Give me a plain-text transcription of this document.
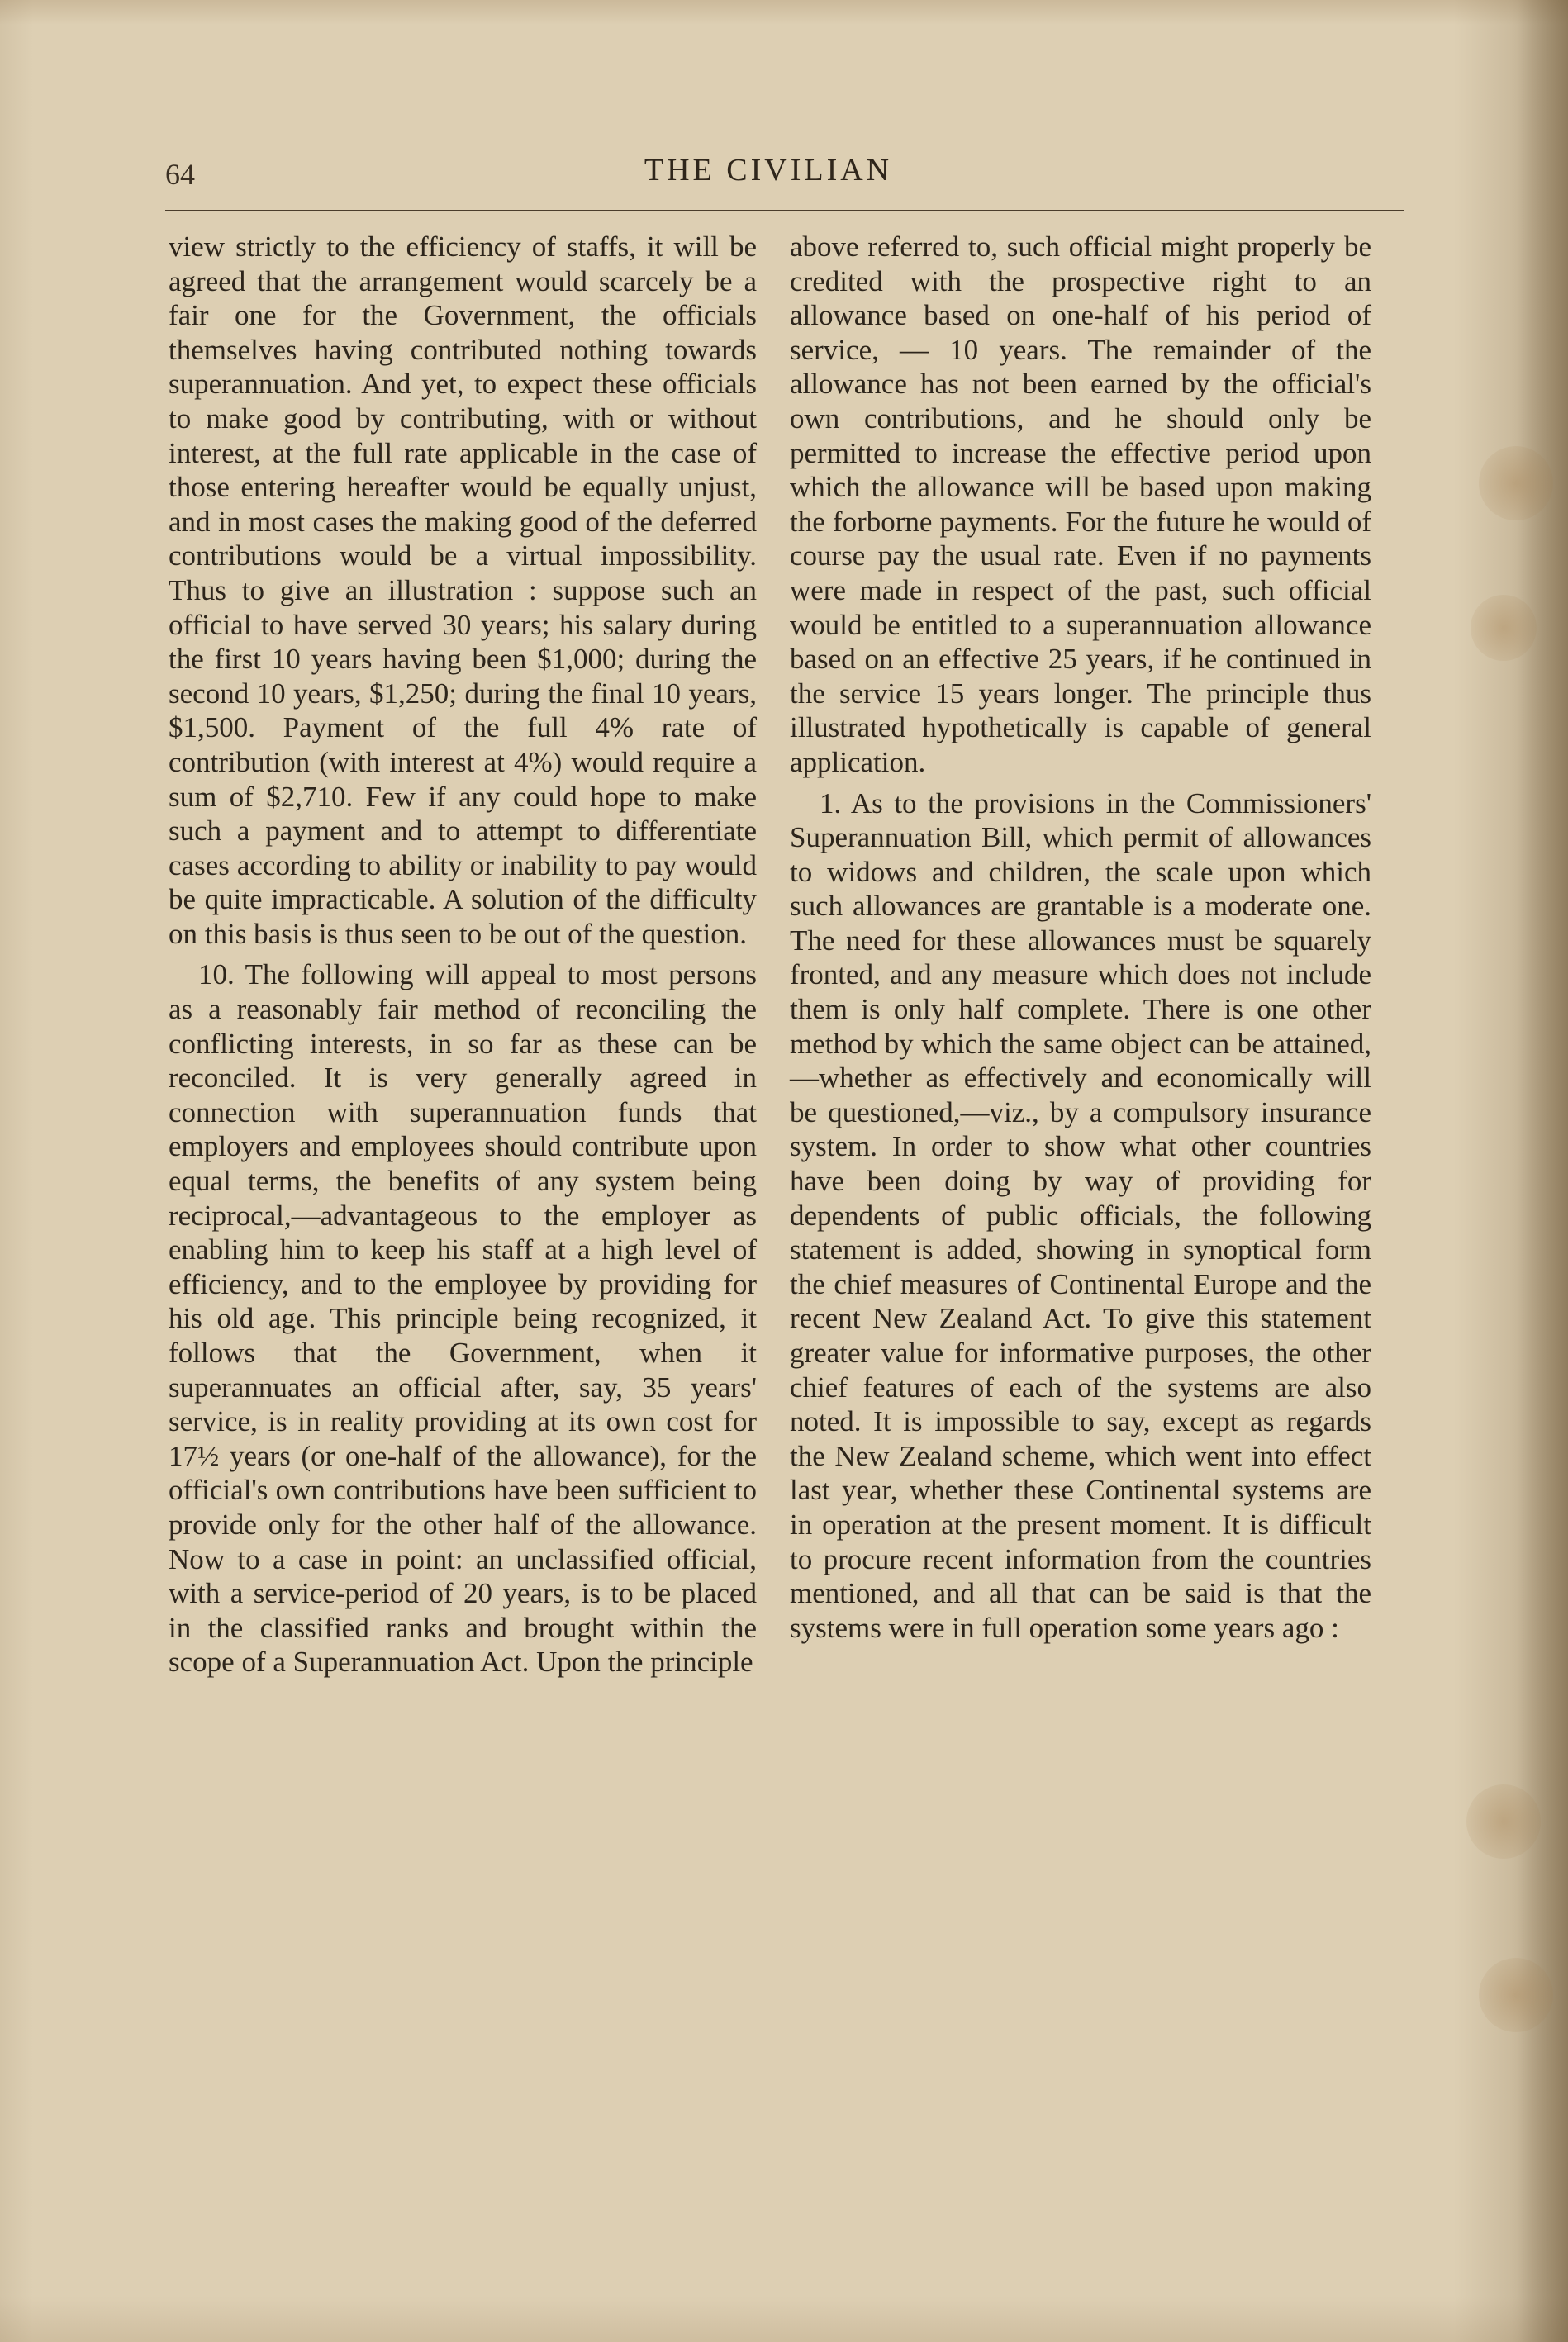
64	THE CIVILIAN

view strictly to the efficiency of staffs, it will be agreed that the arrangement would scarcely be a fair one for the Government, the officials themselves having contributed nothing towards superannuation. And yet, to expect these officials to make good by contributing, with or without interest, at the full rate applicable in the case of those entering hereafter would be equally unjust, and in most cases the making good of the deferred contributions would be a virtual impossibility. Thus to give an illustration : suppose such an official to have served 30 years; his salary during the first 10 years having been $1,000; during the second 10 years, $1,250; during the final 10 years, $1,500. Payment of the full 4% rate of contribution (with interest at 4%) would require a sum of $2,710. Few if any could hope to make such a payment and to attempt to differentiate cases according to ability or inability to pay would be quite impracticable. A solution of the difficulty on this basis is thus seen to be out of the question.

10. The following will appeal to most persons as a reasonably fair method of reconciling the conflicting interests, in so far as these can be reconciled. It is very generally agreed in connection with superannuation funds that employers and employees should contribute upon equal terms, the benefits of any system being reciprocal,—advantageous to the employer as enabling him to keep his staff at a high level of efficiency, and to the employee by providing for his old age. This principle being recognized, it follows that the Government, when it superannuates an official after, say, 35 years' service, is in reality providing at its own cost for 17½ years (or one-half of the allowance), for the official's own contributions have been sufficient to provide only for the other half of the allowance. Now to a case in point: an unclassified official, with a service-period of 20 years, is to be placed in the classified ranks and brought within the scope of a Superannuation Act. Upon the principle

above referred to, such official might properly be credited with the prospective right to an allowance based on one-half of his period of service, — 10 years. The remainder of the allowance has not been earned by the official's own contributions, and he should only be permitted to increase the effective period upon which the allowance will be based upon making the forborne payments. For the future he would of course pay the usual rate. Even if no payments were made in respect of the past, such official would be entitled to a superannuation allowance based on an effective 25 years, if he continued in the service 15 years longer. The principle thus illustrated hypothetically is capable of general application.

1. As to the provisions in the Commissioners' Superannuation Bill, which permit of allowances to widows and children, the scale upon which such allowances are grantable is a moderate one. The need for these allowances must be squarely fronted, and any measure which does not include them is only half complete. There is one other method by which the same object can be attained,—whether as effectively and economically will be questioned,—viz., by a compulsory insurance system. In order to show what other countries have been doing by way of providing for dependents of public officials, the following statement is added, showing in synoptical form the chief measures of Continental Europe and the recent New Zealand Act. To give this statement greater value for informative purposes, the other chief features of each of the systems are also noted. It is impossible to say, except as regards the New Zealand scheme, which went into effect last year, whether these Continental systems are in operation at the present moment. It is difficult to procure recent information from the countries mentioned, and all that can be said is that the systems were in full operation some years ago :
